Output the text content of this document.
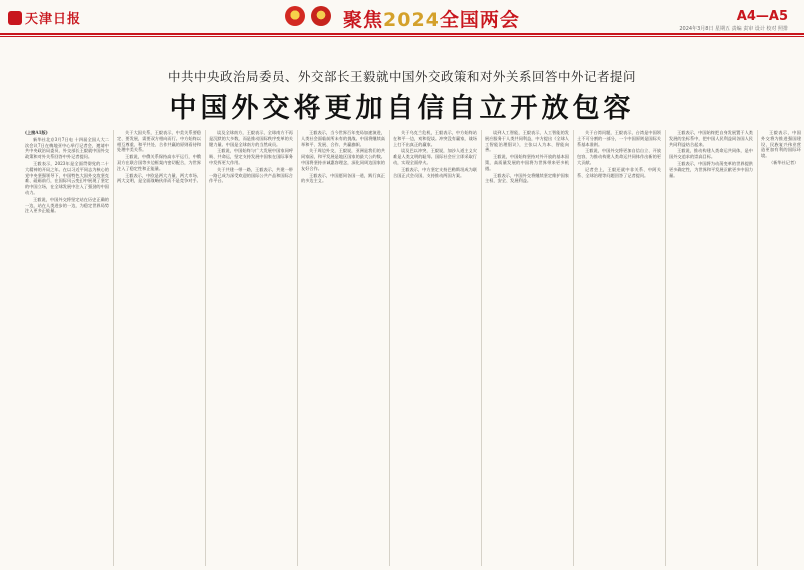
天津日报	聚焦2024全国两会	A4—A5
2024年3月8日 星期五 责编 责审 设计 校对 照排
中共中央政治局委员、外交部长王毅就中国外交政策和对外关系回答中外记者提问
中国外交将更加自信自立开放包容

(上接A1版)

新华社北京3月7日电 十四届全国人大二次会议7日在梅地亚中心举行记者会，邀请中共中央政治局委员、外交部长王毅就中国外交政策和对外关系回答中外记者提问。

王毅表示，2023年是全面贯彻党的二十大精神的开局之年。在以习近平同志为核心的党中央坚强领导下，中国特色大国外交攻坚克难、砥砺前行，在国际风云变幻中展现了坚定的中国立场，在全球发展中注入了强劲的中国动力。

王毅说，中国外交将坚定站在历史正确的一边，站在人类进步的一边，为稳定世界局势注入更多正能量。

关于大国关系，王毅表示，中美关系要稳定、要发展，需要双方相向而行。中方始终以相互尊重、和平共处、合作共赢的原则看待和处理中美关系。

王毅说，中俄关系保持高水平运行，中俄双方在联合国等多边框架内密切配合，为世界注入了稳定性和正能量。

王毅表示，中欧是两大力量、两大市场、两大文明，是全面战略伙伴而不是竞争对手。

谈及全球南方，王毅表示，全球南方不再是沉默的大多数，而是推动国际秩序变革的关键力量。中国是全球南方的当然成员。

王毅说，中国始终与广大发展中国家同呼吸、共命运，坚定支持发展中国家在国际事务中发挥更大作用。

关于共建一带一路，王毅表示，共建一带一路已成为深受欢迎的国际公共产品和国际合作平台。

王毅表示，当今世界百年变局加速演进，人类社会面临前所未有的挑战。中国将继续高举和平、发展、合作、共赢旗帜。

关于周边外交，王毅说，亚洲是我们的共同家园，和平发展是地区国家的最大公约数。中国将坚持亲诚惠容理念，深化同周边国家的友好合作。

王毅表示，中国愿同各国一道，践行真正的多边主义。

关于乌克兰危机，王毅表示，中方始终站在和平一边，劝和促谈。冲突没有赢家，战场上打不出真正的赢家。

谈及巴以冲突，王毅说，加沙人道主义灾难是人类文明的耻辱。国际社会应立即采取行动，实现全面停火。

王毅表示，中方坚定支持巴勒斯坦成为联合国正式会员国，支持推动两国方案。

谈到人工智能，王毅表示，人工智能的发展应服务于人类共同利益，中方提出《全球人工智能治理倡议》，主张以人为本、智能向善。

王毅说，中国始终坚持对外开放的基本国策，高质量发展的中国将为世界带来更多机遇。

王毅表示，中国外交将继续坚定维护国家主权、安全、发展利益。

关于台湾问题，王毅表示，台湾是中国领土不可分割的一部分，一个中国原则是国际关系基本准则。

王毅说，中国外交将更加自信自立、开放包容，为推动构建人类命运共同体作出新的更大贡献。

记者会上，王毅还就中非关系、中阿关系、全球治理等问题回答了记者提问。

王毅表示，中国始终把自身发展置于人类发展的坐标系中，把中国人民利益同各国人民共同利益结合起来。

王毅说，推动构建人类命运共同体，是中国外交追求的崇高目标。

王毅表示，中国将为动荡变革的世界提供更多确定性，为世界和平发展贡献更多中国力量。

王毅表示，中国外交将为推进强国建设、民族复兴伟业营造更加有利的国际环境。

（新华社记者）
